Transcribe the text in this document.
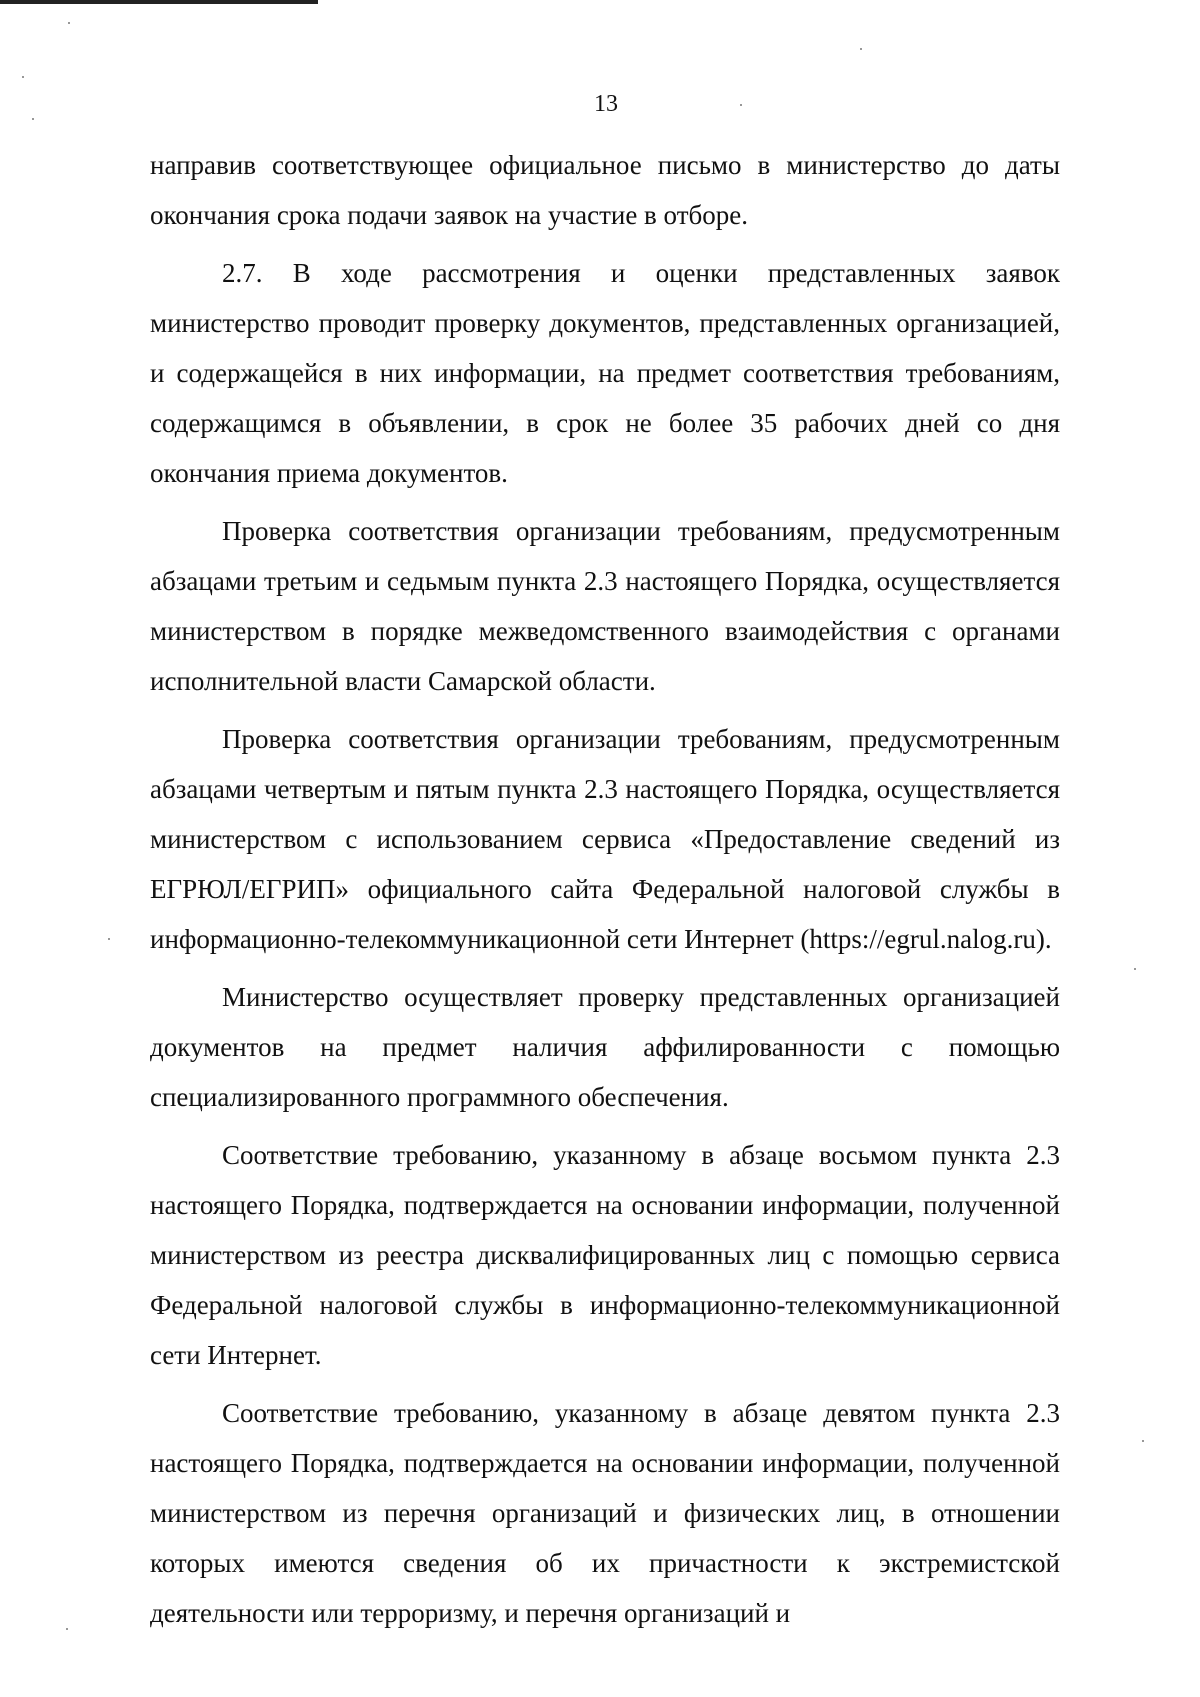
13

направив соответствующее официальное письмо в министерство до даты окончания срока подачи заявок на участие в отборе.

2.7. В ходе рассмотрения и оценки представленных заявок министерство проводит проверку документов, представленных организацией, и содержащейся в них информации, на предмет соответствия требованиям, содержащимся в объявлении, в срок не более 35 рабочих дней со дня окончания приема документов.

Проверка соответствия организации требованиям, предусмотренным абзацами третьим и седьмым пункта 2.3 настоящего Порядка, осуществляется министерством в порядке межведомственного взаимодействия с органами исполнительной власти Самарской области.

Проверка соответствия организации требованиям, предусмотренным абзацами четвертым и пятым пункта 2.3 настоящего Порядка, осуществляется министерством с использованием сервиса «Предоставление сведений из ЕГРЮЛ/ЕГРИП» официального сайта Федеральной налоговой службы в информационно-телекоммуникационной сети Интернет (https://egrul.nalog.ru).

Министерство осуществляет проверку представленных организацией документов на предмет наличия аффилированности с помощью специализированного программного обеспечения.

Соответствие требованию, указанному в абзаце восьмом пункта 2.3 настоящего Порядка, подтверждается на основании информации, полученной министерством из реестра дисквалифицированных лиц с помощью сервиса Федеральной налоговой службы в информационно-телекоммуникационной сети Интернет.

Соответствие требованию, указанному в абзаце девятом пункта 2.3 настоящего Порядка, подтверждается на основании информации, полученной министерством из перечня организаций и физических лиц, в отношении которых имеются сведения об их причастности к экстремистской деятельности или терроризму, и перечня организаций и
